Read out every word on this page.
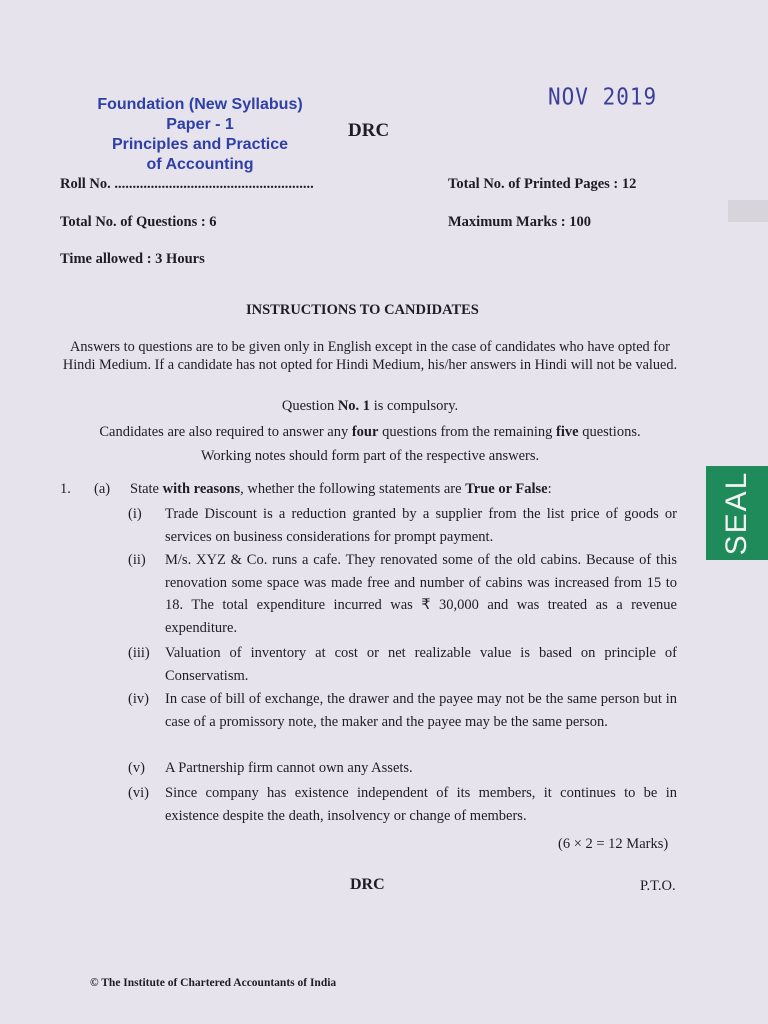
Foundation (New Syllabus)
Paper - 1
Principles and Practice
of Accounting
NOV 2019
DRC
Roll No. .......................................................	Total No. of Printed Pages : 12
Total No. of Questions : 6	Maximum Marks : 100
Time allowed : 3 Hours
INSTRUCTIONS TO CANDIDATES
Answers to questions are to be given only in English except in the case of candidates who have opted for Hindi Medium. If a candidate has not opted for Hindi Medium, his/her answers in Hindi will not be valued.
Question No. 1 is compulsory.
Candidates are also required to answer any four questions from the remaining five questions.
Working notes should form part of the respective answers.
1. (a) State with reasons, whether the following statements are True or False:
(i) Trade Discount is a reduction granted by a supplier from the list price of goods or services on business considerations for prompt payment.
(ii) M/s. XYZ & Co. runs a cafe. They renovated some of the old cabins. Because of this renovation some space was made free and number of cabins was increased from 15 to 18. The total expenditure incurred was ₹ 30,000 and was treated as a revenue expenditure.
(iii) Valuation of inventory at cost or net realizable value is based on principle of Conservatism.
(iv) In case of bill of exchange, the drawer and the payee may not be the same person but in case of a promissory note, the maker and the payee may be the same person.
(v) A Partnership firm cannot own any Assets.
(vi) Since company has existence independent of its members, it continues to be in existence despite the death, insolvency or change of members.
(6 × 2 = 12 Marks)
DRC	P.T.O.
© The Institute of Chartered Accountants of India
SEAL
